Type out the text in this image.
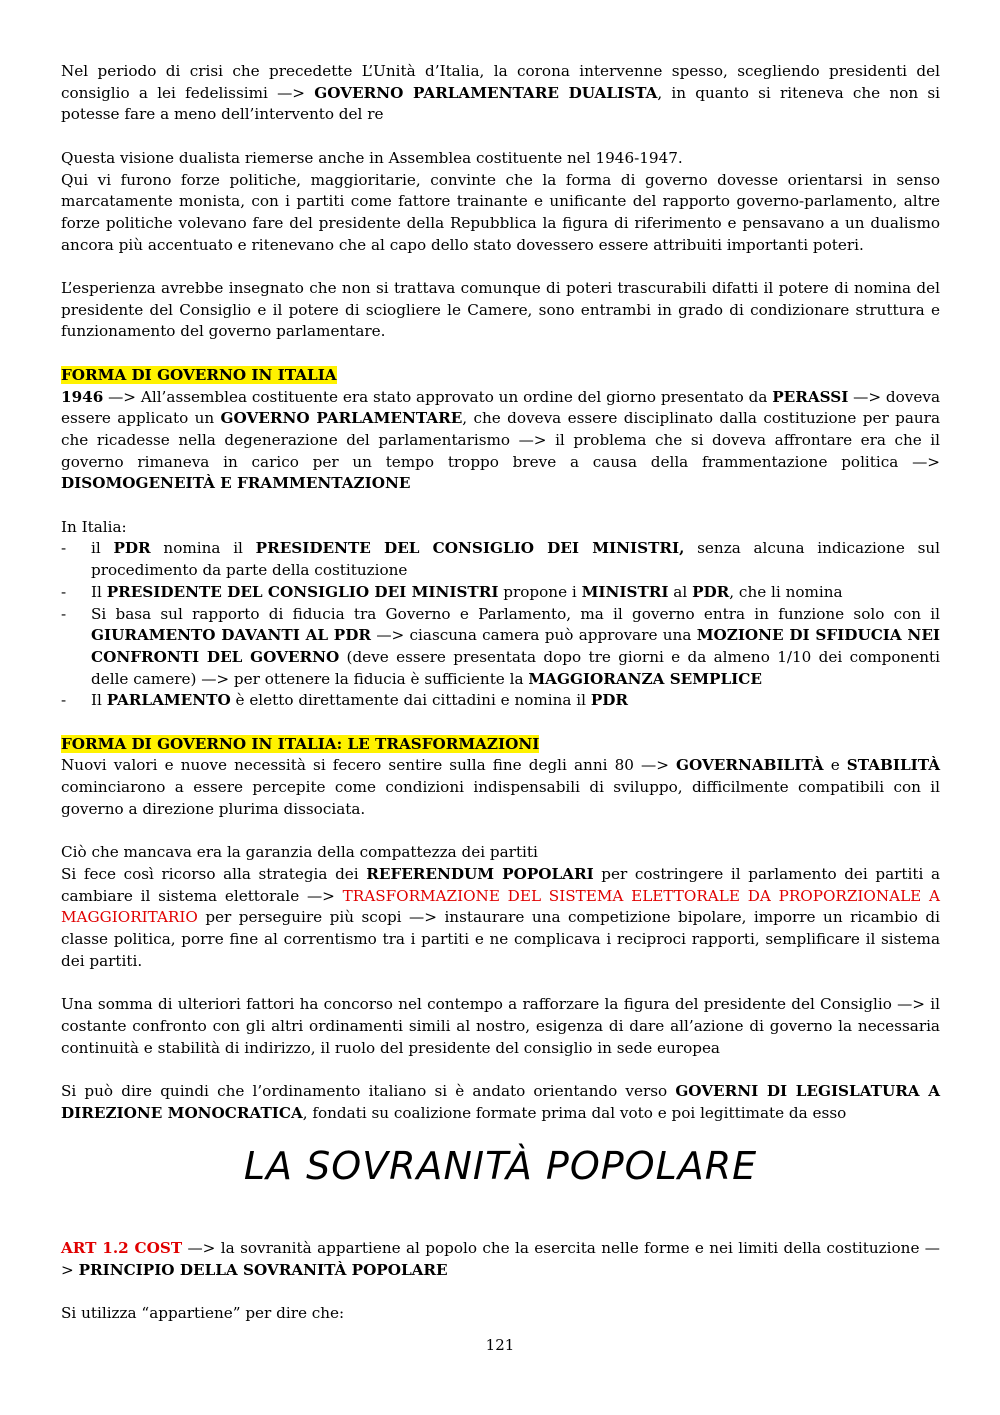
Nel periodo di crisi che precedette L’Unità d’Italia, la corona intervenne spesso, scegliendo presidenti del consiglio a lei fedelissimi —> GOVERNO PARLAMENTARE DUALISTA, in quanto si riteneva che non si potesse fare a meno dell’intervento del re

Questa visione dualista riemerse anche in Assemblea costituente nel 1946-1947.

Qui vi furono forze politiche, maggioritarie, convinte che la forma di governo dovesse orientarsi in senso marcatamente monista, con i partiti come fattore trainante e unificante del rapporto governo-parlamento, altre forze politiche volevano fare del presidente della Repubblica la figura di riferimento e pensavano a un dualismo ancora più accentuato e ritenevano che al capo dello stato dovessero essere attribuiti importanti poteri.

L’esperienza avrebbe insegnato che non si trattava comunque di poteri trascurabili difatti il potere di nomina del presidente del Consiglio e il potere di sciogliere le Camere, sono entrambi in grado di condizionare struttura e funzionamento del governo parlamentare.

FORMA DI GOVERNO IN ITALIA

1946 —> All’assemblea costituente era stato approvato un ordine del giorno presentato da PERASSI —> doveva essere applicato un GOVERNO PARLAMENTARE, che doveva essere disciplinato dalla costituzione per paura che ricadesse nella degenerazione del parlamentarismo —> il problema che si doveva affrontare era che il governo rimaneva in carico per un tempo troppo breve a causa della frammentazione politica —> DISOMOGENEITÀ E FRAMMENTAZIONE

In Italia:

- il PDR nomina il PRESIDENTE DEL CONSIGLIO DEI MINISTRI, senza alcuna indicazione sul procedimento da parte della costituzione
- Il PRESIDENTE DEL CONSIGLIO DEI MINISTRI propone i MINISTRI al PDR, che li nomina
- Si basa sul rapporto di fiducia tra Governo e Parlamento, ma il governo entra in funzione solo con il GIURAMENTO DAVANTI AL PDR —> ciascuna camera può approvare una MOZIONE DI SFIDUCIA NEI CONFRONTI DEL GOVERNO (deve essere presentata dopo tre giorni e da almeno 1/10 dei componenti delle camere) —> per ottenere la fiducia è sufficiente la MAGGIORANZA SEMPLICE
- Il PARLAMENTO è eletto direttamente dai cittadini e nomina il PDR

FORMA DI GOVERNO IN ITALIA: LE TRASFORMAZIONI

Nuovi valori e nuove necessità si fecero sentire sulla fine degli anni 80 —> GOVERNABILITÀ e STABILITÀ cominciarono a essere percepite come condizioni indispensabili di sviluppo, difficilmente compatibili con il governo a direzione plurima dissociata.

Ciò che mancava era la garanzia della compattezza dei partiti

Si fece così ricorso alla strategia dei REFERENDUM POPOLARI per costringere il parlamento dei partiti a cambiare il sistema elettorale —> TRASFORMAZIONE DEL SISTEMA ELETTORALE DA PROPORZIONALE A MAGGIORITARIO per perseguire più scopi —> instaurare una competizione bipolare, imporre un ricambio di classe politica, porre fine al correntismo tra i partiti e ne complicava i reciproci rapporti, semplificare il sistema dei partiti.

Una somma di ulteriori fattori ha concorso nel contempo a rafforzare la figura del presidente del Consiglio —> il costante confronto con gli altri ordinamenti simili al nostro, esigenza di dare all’azione di governo la necessaria continuità e stabilità di indirizzo, il ruolo del presidente del consiglio in sede europea

Si può dire quindi che l’ordinamento italiano si è andato orientando verso GOVERNI DI LEGISLATURA A DIREZIONE MONOCRATICA, fondati su coalizione formate prima dal voto e poi legittimate da esso

LA SOVRANITÀ POPOLARE

ART 1.2 COST —> la sovranità appartiene al popolo che la esercita nelle forme e nei limiti della costituzione —> PRINCIPIO DELLA SOVRANITÀ POPOLARE

Si utilizza “appartiene” per dire che:

121
